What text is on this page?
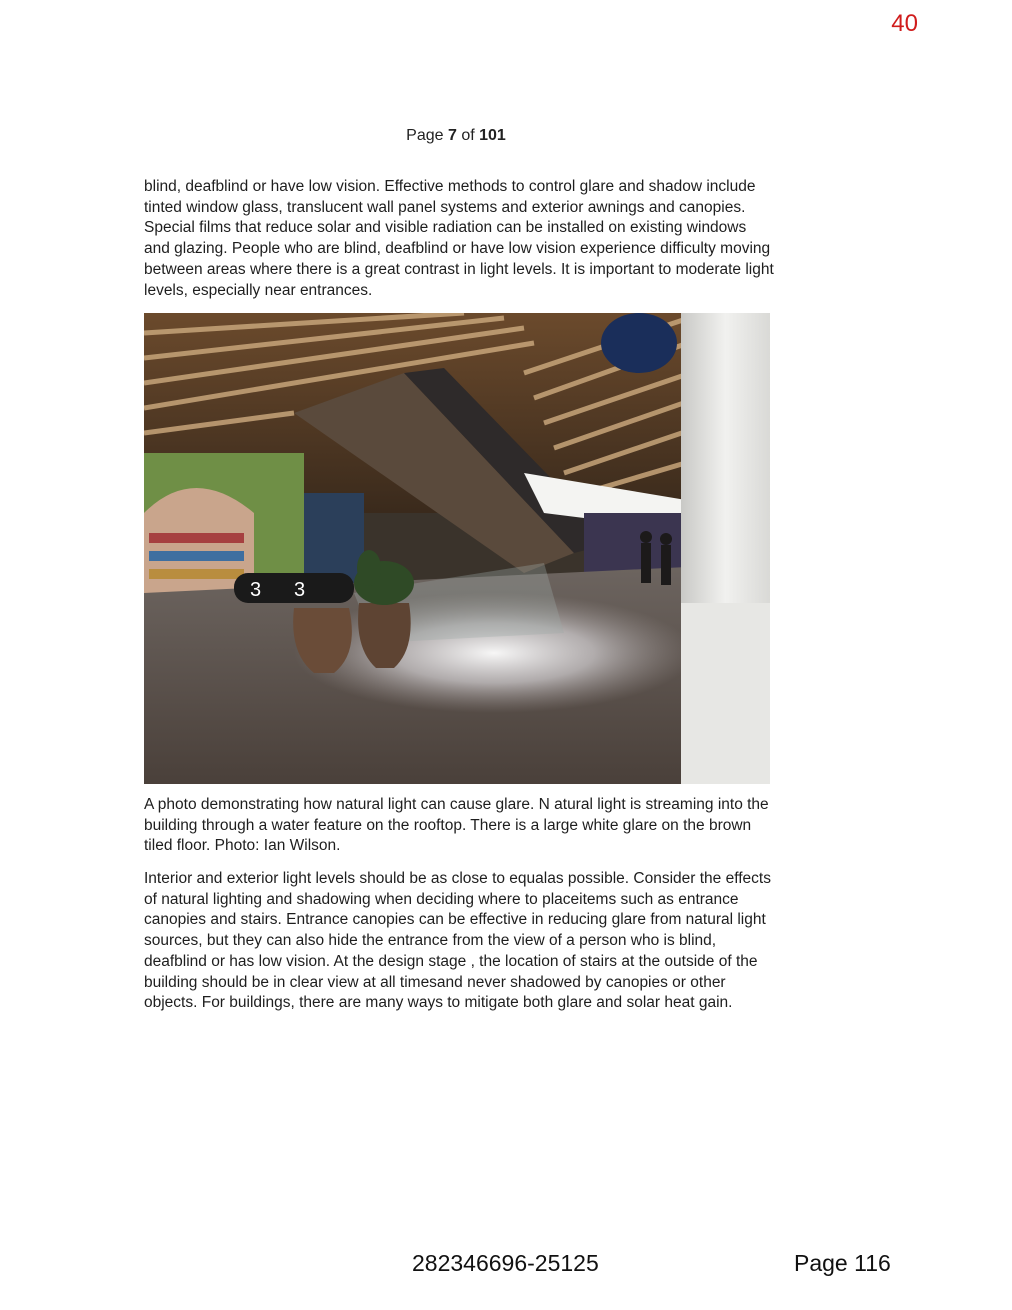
40
Page 7 of 101

blind, deafblind or have low vision. Effective methods to control glare and shadow include tinted window glass, translucent wall panel systems and exterior awnings and canopies. Special films that reduce solar and visible radiation can be installed on existing windows and glazing. People who are blind, deafblind or have low vision experience difficulty moving between areas where there is a great contrast in light levels. It is important to moderate light levels, especially near entrances.

3 3

A photo demonstrating how natural light can cause glare. N atural light is streaming into the building through a water feature on the rooftop. There is a large white glare on the brown tiled floor. Photo: Ian Wilson.

Interior and exterior light levels should be as close to equalas possible. Consider the effects of natural lighting and shadowing when deciding where to placeitems such as entrance canopies and stairs. Entrance canopies can be effective in reducing glare from natural light sources, but they can also hide the entrance from the view of a person who is blind, deafblind or has low vision. At the design stage , the location of stairs at the outside of the building should be in clear view at all timesand never shadowed by canopies or other objects. For buildings, there are many ways to mitigate both glare and solar heat gain.

282346696-25125	Page 116
